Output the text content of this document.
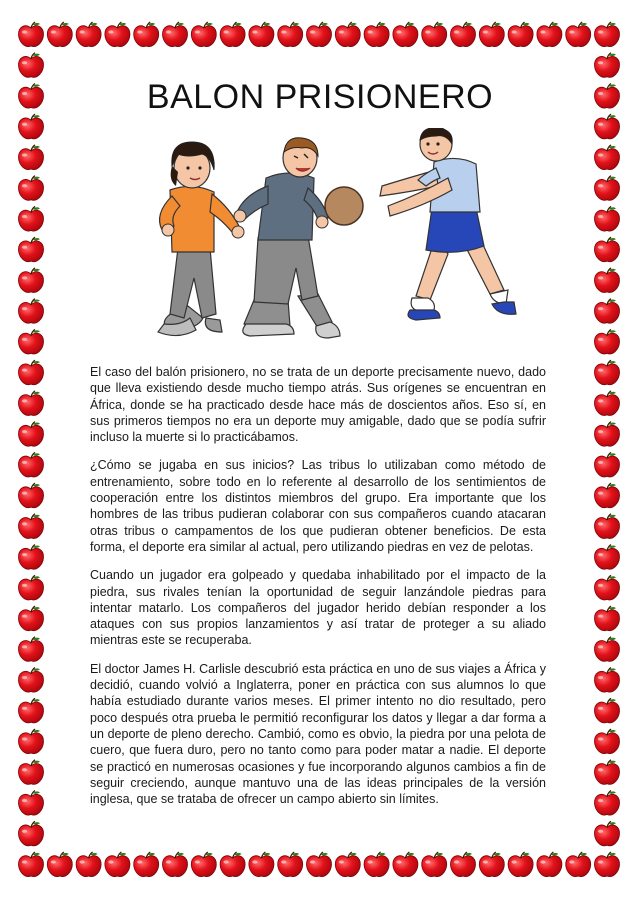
BALON PRISIONERO

El caso del balón prisionero, no se trata de un deporte precisamente nuevo, dado que lleva existiendo desde mucho tiempo atrás. Sus orígenes se encuentran en África, donde se ha practicado desde hace más de doscientos años. Eso sí, en sus primeros tiempos no era un deporte muy amigable, dado que se podía sufrir incluso la muerte si lo practicábamos.

¿Cómo se jugaba en sus inicios? Las tribus lo utilizaban como método de entrenamiento, sobre todo en lo referente al desarrollo de los sentimientos de cooperación entre los distintos miembros del grupo. Era importante que los hombres de las tribus pudieran colaborar con sus compañeros cuando atacaran otras tribus o campamentos de los que pudieran obtener beneficios. De esta forma, el deporte era similar al actual, pero utilizando piedras en vez de pelotas.

Cuando un jugador era golpeado y quedaba inhabilitado por el impacto de la piedra, sus rivales tenían la oportunidad de seguir lanzándole piedras para intentar matarlo. Los compañeros del jugador herido debían responder a los ataques con sus propios lanzamientos y así tratar de proteger a su aliado mientras este se recuperaba.

El doctor James H. Carlisle descubrió esta práctica en uno de sus viajes a África y decidió, cuando volvió a Inglaterra, poner en práctica con sus alumnos lo que había estudiado durante varios meses. El primer intento no dio resultado, pero poco después otra prueba le permitió reconfigurar los datos y llegar a dar forma a un deporte de pleno derecho. Cambió, como es obvio, la piedra por una pelota de cuero, que fuera duro, pero no tanto como para poder matar a nadie. El deporte se practicó en numerosas ocasiones y fue incorporando algunos cambios a fin de seguir creciendo, aunque mantuvo una de las ideas principales de la versión inglesa, que se trataba de ofrecer un campo abierto sin límites.
